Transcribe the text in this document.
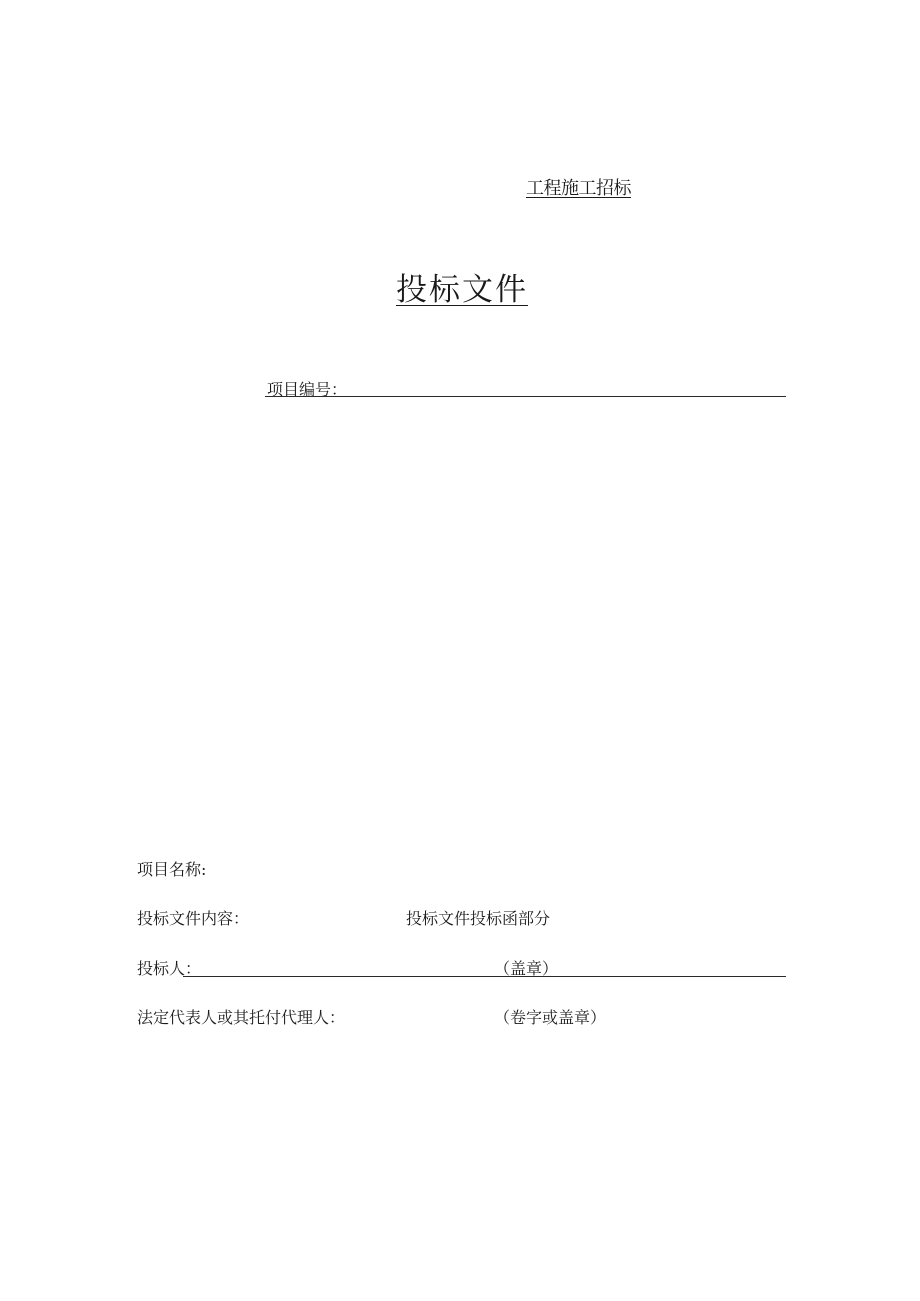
工程施工招标
投标文件
项目编号：
项目名称:
投标文件内容：	投标文件投标函部分
投标人：	（盖章）
法定代表人或其托付代理人：	（卷字或盖章）
